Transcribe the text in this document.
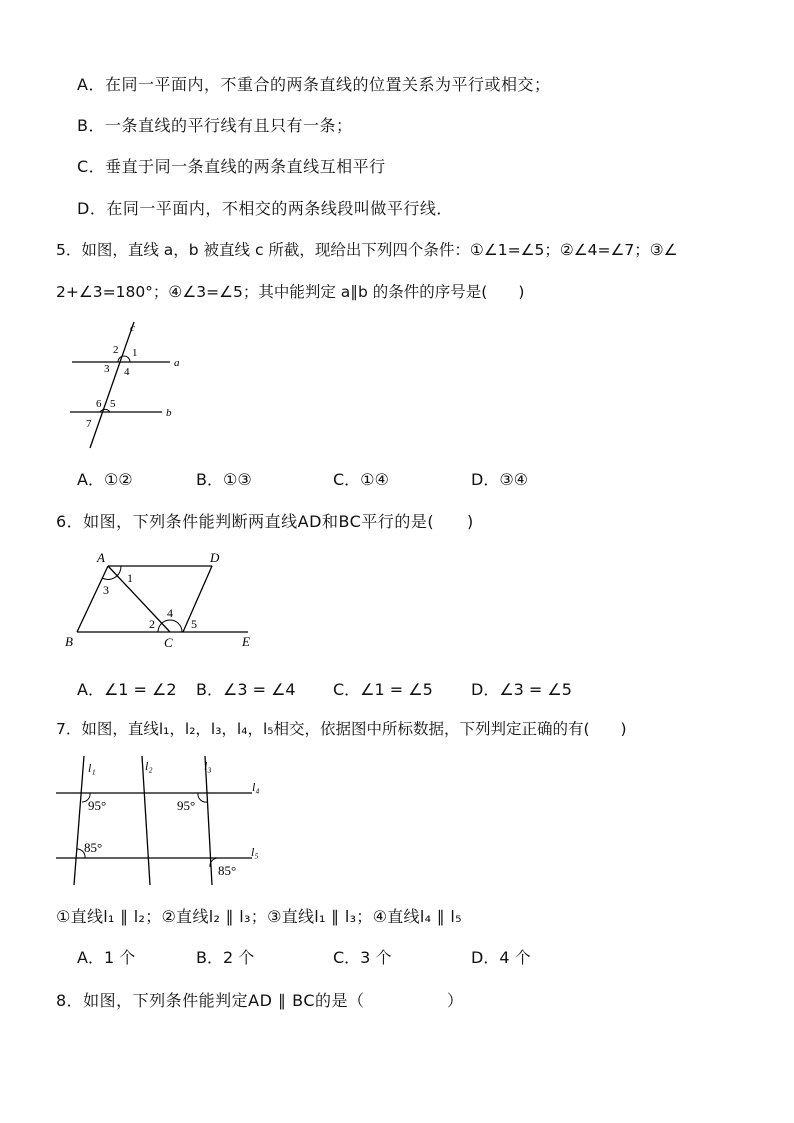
A．在同一平面内，不重合的两条直线的位置关系为平行或相交；
B．一条直线的平行线有且只有一条；
C．垂直于同一条直线的两条直线互相平行
D．在同一平面内，不相交的两条线段叫做平行线．
5．如图，直线 a，b 被直线 c 所截，现给出下列四个条件：①∠1=∠5；②∠4=∠7；③∠
2+∠3=180°；④∠3=∠5；其中能判定 a∥b 的条件的序号是(　　)
c
a
b
2 1
3 4
6 5
7
A．①②	B．①③	C．①④	D．③④
6．如图，下列条件能判断两直线AD和BC平行的是(　　)
A	D
B	C	E
1
3
2
4
5
A．∠1 = ∠2 B．∠3 = ∠4 C．∠1 = ∠5 D．∠3 = ∠5
7．如图，直线l₁，l₂，l₃，l₄，l₅相交，依据图中所标数据，下列判定正确的有(　　)
l₁	l₂	l₃
l₄
l₅
95°	95°
85°
85°
①直线l₁ ∥ l₂；②直线l₂ ∥ l₃；③直线l₁ ∥ l₃；④直线l₄ ∥ l₅
A．1 个	B．2 个	C．3 个	D．4 个
8．如图，下列条件能判定AD ∥ BC的是（　　　　　）
